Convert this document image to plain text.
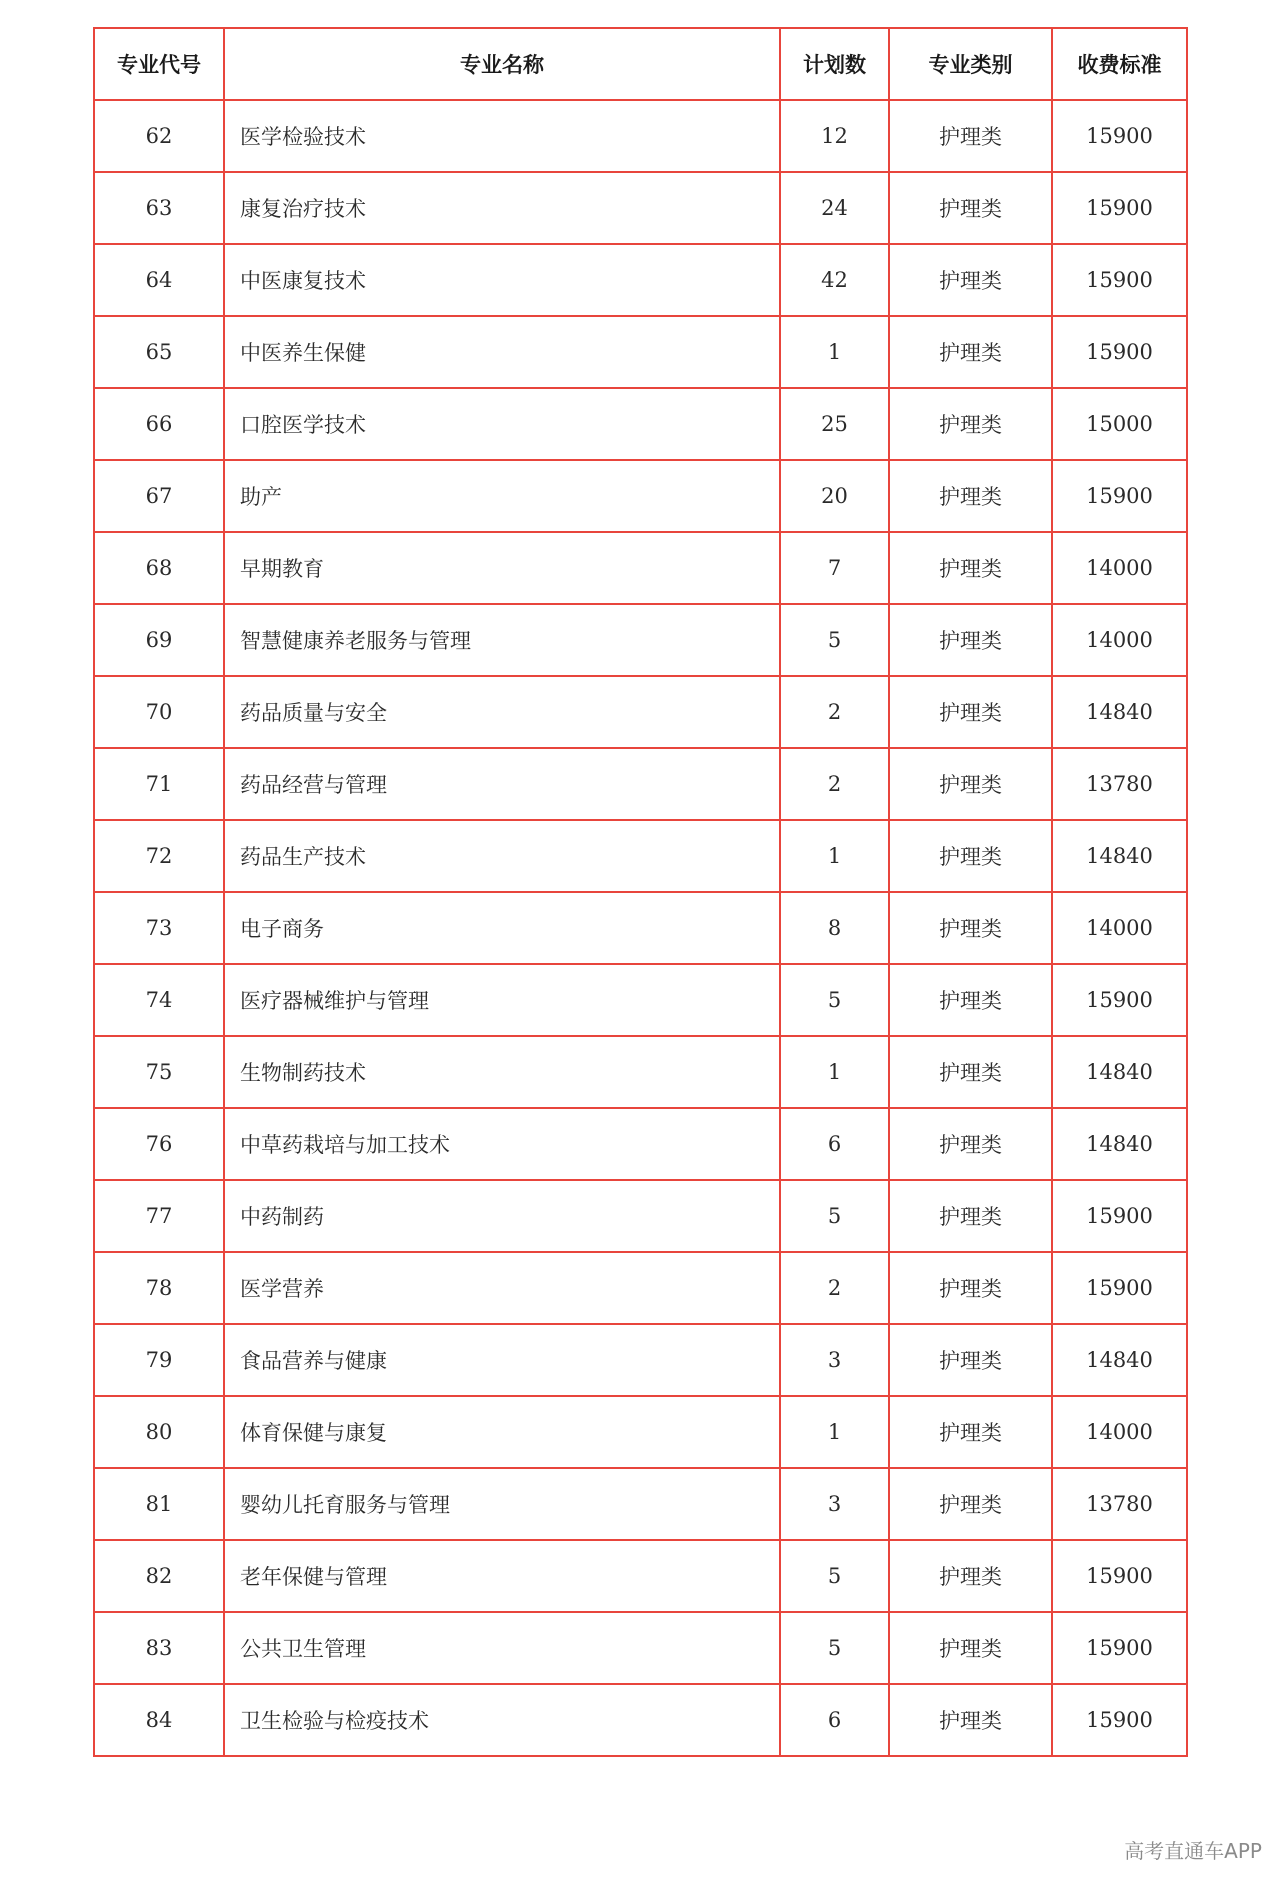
专业代号	专业名称	计划数	专业类别	收费标准
62	医学检验技术	12	护理类	15900
63	康复治疗技术	24	护理类	15900
64	中医康复技术	42	护理类	15900
65	中医养生保健	1	护理类	15900
66	口腔医学技术	25	护理类	15000
67	助产	20	护理类	15900
68	早期教育	7	护理类	14000
69	智慧健康养老服务与管理	5	护理类	14000
70	药品质量与安全	2	护理类	14840
71	药品经营与管理	2	护理类	13780
72	药品生产技术	1	护理类	14840
73	电子商务	8	护理类	14000
74	医疗器械维护与管理	5	护理类	15900
75	生物制药技术	1	护理类	14840
76	中草药栽培与加工技术	6	护理类	14840
77	中药制药	5	护理类	15900
78	医学营养	2	护理类	15900
79	食品营养与健康	3	护理类	14840
80	体育保健与康复	1	护理类	14000
81	婴幼儿托育服务与管理	3	护理类	13780
82	老年保健与管理	5	护理类	15900
83	公共卫生管理	5	护理类	15900
84	卫生检验与检疫技术	6	护理类	15900
高考直通车APP
